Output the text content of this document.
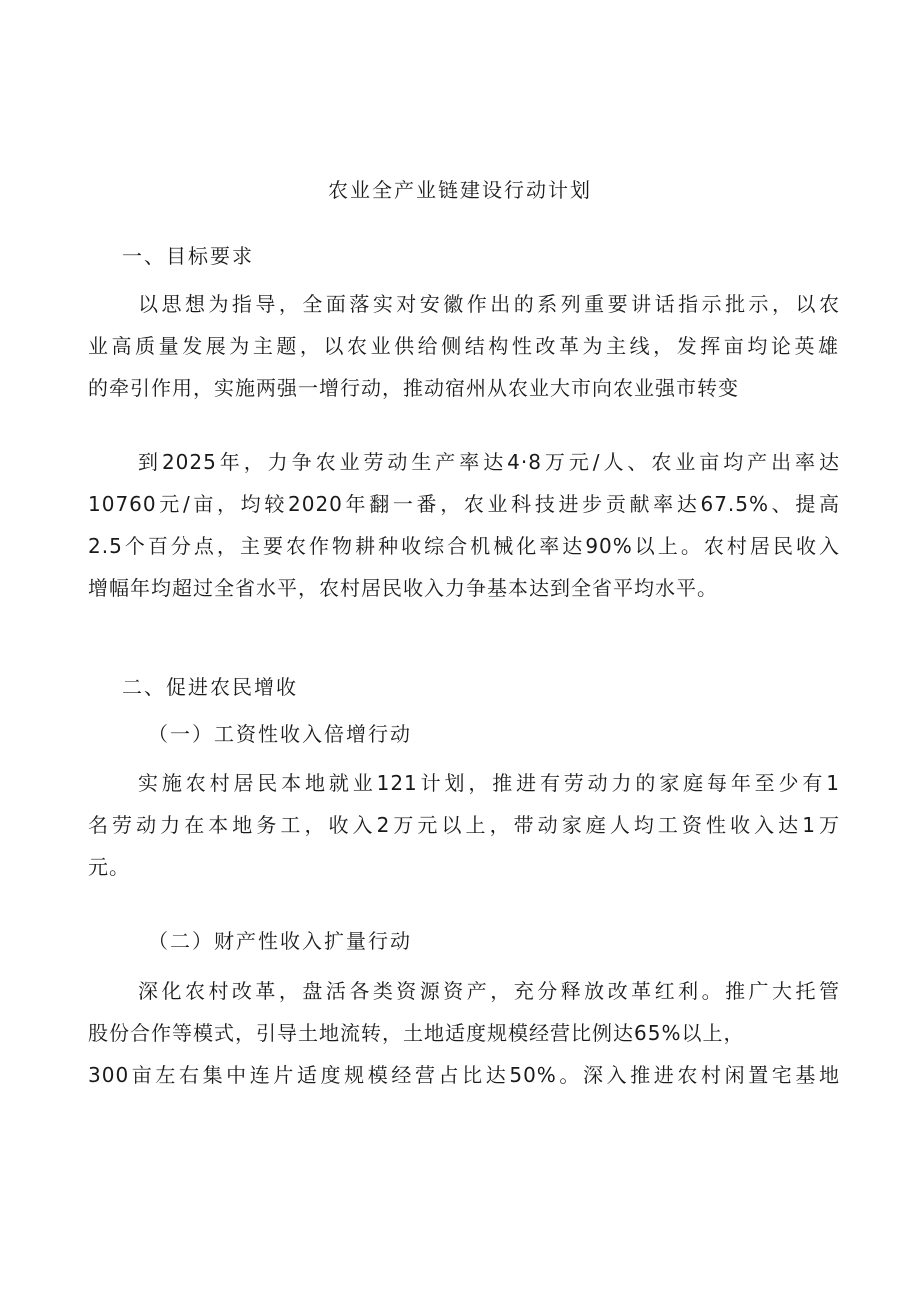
农业全产业链建设行动计划
一、目标要求
以思想为指导，全面落实对安徽作出的系列重要讲话指示批示，以农
业高质量发展为主题，以农业供给侧结构性改革为主线，发挥亩均论英雄
的牵引作用，实施两强一增行动，推动宿州从农业大市向农业强市转变
到2025年，力争农业劳动生产率达4·8万元/人、农业亩均产出率达
10760元/亩，均较2020年翻一番，农业科技进步贡献率达67.5%、提高
2.5个百分点，主要农作物耕种收综合机械化率达90%以上。农村居民收入
增幅年均超过全省水平，农村居民收入力争基本达到全省平均水平。
二、促进农民增收
（一）工资性收入倍增行动
实施农村居民本地就业121计划，推进有劳动力的家庭每年至少有1
名劳动力在本地务工，收入2万元以上，带动家庭人均工资性收入达1万
元。
（二）财产性收入扩量行动
深化农村改革，盘活各类资源资产，充分释放改革红利。推广大托管
股份合作等模式，引导土地流转，土地适度规模经营比例达65%以上，
300亩左右集中连片适度规模经营占比达50%。深入推进农村闲置宅基地
